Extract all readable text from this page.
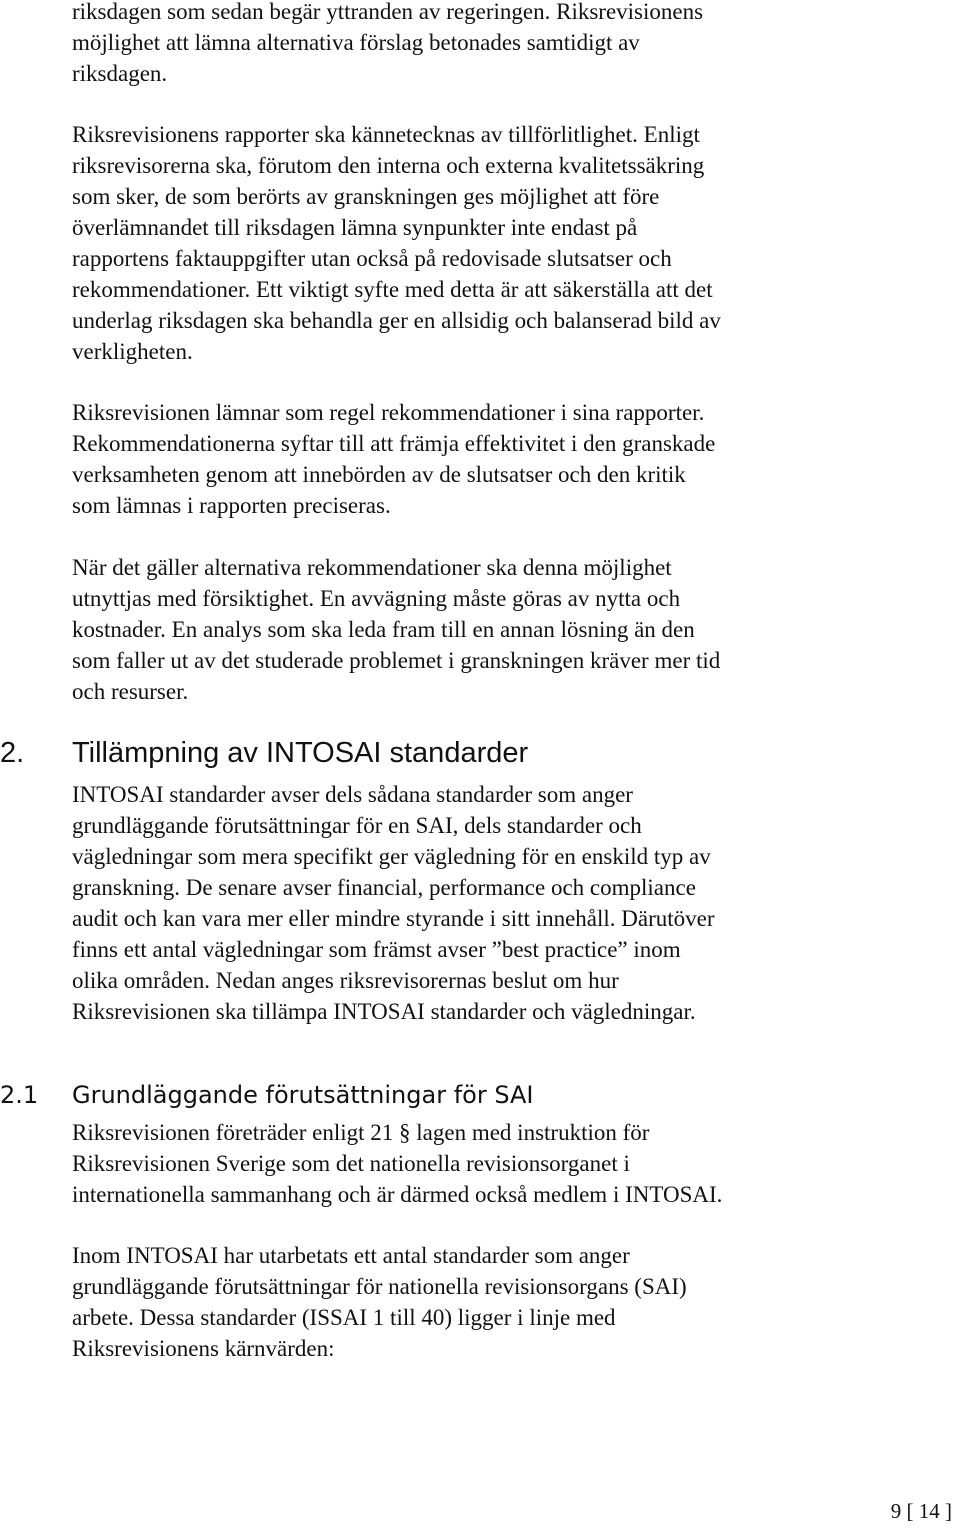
riksdagen som sedan begär yttranden av regeringen. Riksrevisionens
möjlighet att lämna alternativa förslag betonades samtidigt av
riksdagen.

Riksrevisionens rapporter ska kännetecknas av tillförlitlighet. Enligt
riksrevisorerna ska, förutom den interna och externa kvalitetssäkring
som sker, de som berörts av granskningen ges möjlighet att före
överlämnandet till riksdagen lämna synpunkter inte endast på
rapportens faktauppgifter utan också på redovisade slutsatser och
rekommendationer. Ett viktigt syfte med detta är att säkerställa att det
underlag riksdagen ska behandla ger en allsidig och balanserad bild av
verkligheten.

Riksrevisionen lämnar som regel rekommendationer i sina rapporter.
Rekommendationerna syftar till att främja effektivitet i den granskade
verksamheten genom att innebörden av de slutsatser och den kritik
som lämnas i rapporten preciseras.

När det gäller alternativa rekommendationer ska denna möjlighet
utnyttjas med försiktighet. En avvägning måste göras av nytta och
kostnader. En analys som ska leda fram till en annan lösning än den
som faller ut av det studerade problemet i granskningen kräver mer tid
och resurser.

2. Tillämpning av INTOSAI standarder

INTOSAI standarder avser dels sådana standarder som anger
grundläggande förutsättningar för en SAI, dels standarder och
vägledningar som mera specifikt ger vägledning för en enskild typ av
granskning. De senare avser financial, performance och compliance
audit och kan vara mer eller mindre styrande i sitt innehåll. Därutöver
finns ett antal vägledningar som främst avser ”best practice” inom
olika områden. Nedan anges riksrevisorernas beslut om hur
Riksrevisionen ska tillämpa INTOSAI standarder och vägledningar.

2.1 Grundläggande förutsättningar för SAI

Riksrevisionen företräder enligt 21 § lagen med instruktion för
Riksrevisionen Sverige som det nationella revisionsorganet i
internationella sammanhang och är därmed också medlem i INTOSAI.

Inom INTOSAI har utarbetats ett antal standarder som anger
grundläggande förutsättningar för nationella revisionsorgans (SAI)
arbete. Dessa standarder (ISSAI 1 till 40) ligger i linje med
Riksrevisionens kärnvärden:

9 [ 14 ]
